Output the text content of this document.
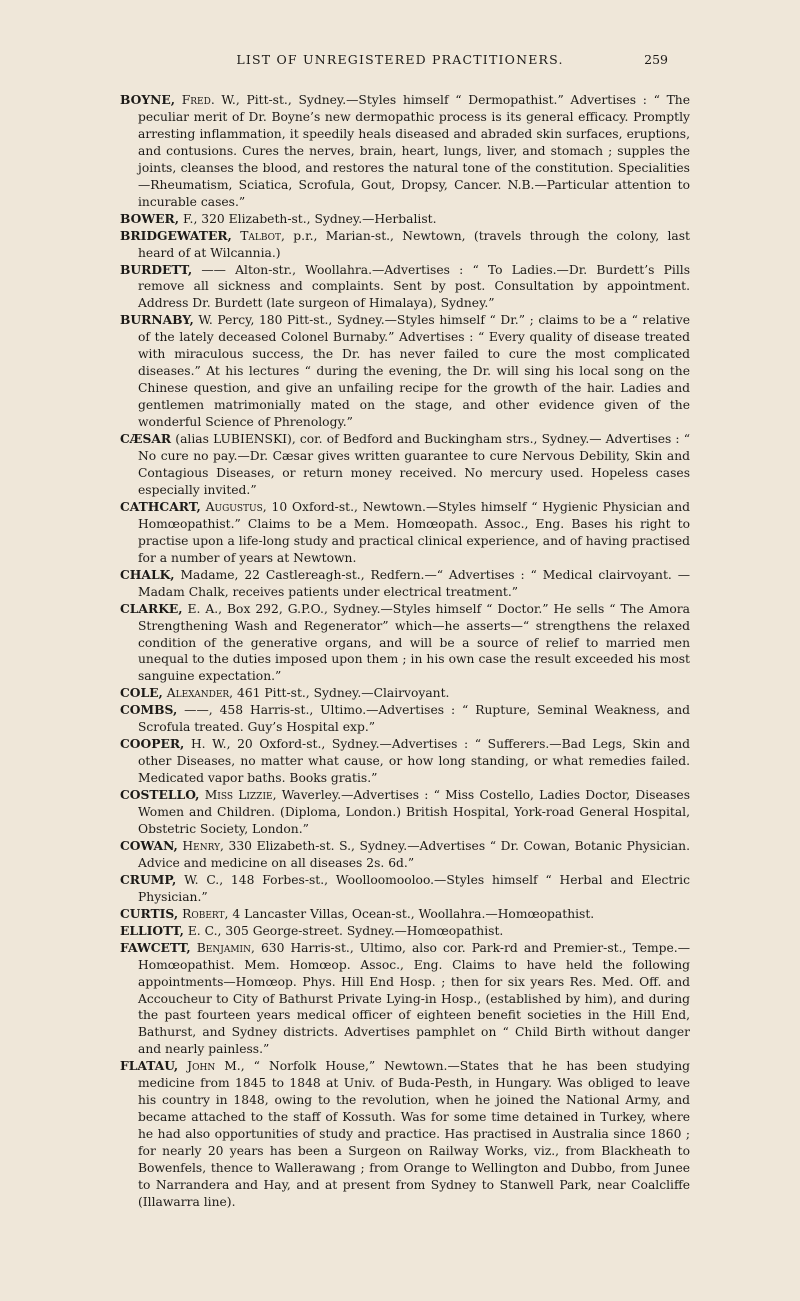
LIST OF UNREGISTERED PRACTITIONERS.	259

BOYNE, Fred. W., Pitt-st., Sydney.—Styles himself “ Dermopathist.” Advertises : “ The peculiar merit of Dr. Boyne’s new dermopathic process is its general efficacy. Promptly arresting inflammation, it speedily heals diseased and abraded skin surfaces, eruptions, and contusions. Cures the nerves, brain, heart, lungs, liver, and stomach ; supples the joints, cleanses the blood, and restores the natural tone of the constitution. Specialities—Rheumatism, Sciatica, Scrofula, Gout, Dropsy, Cancer. N.B.—Particular attention to incurable cases.”

BOWER, F., 320 Elizabeth-st., Sydney.—Herbalist.

BRIDGEWATER, Talbot, p.r., Marian-st., Newtown, (travels through the colony, last heard of at Wilcannia.)

BURDETT, —— Alton-str., Woollahra.—Advertises : “ To Ladies.—Dr. Burdett’s Pills remove all sickness and complaints. Sent by post. Consultation by appointment. Address Dr. Burdett (late surgeon of Himalaya), Sydney.”

BURNABY, W. Percy, 180 Pitt-st., Sydney.—Styles himself “ Dr.” ; claims to be a “ relative of the lately deceased Colonel Burnaby.” Advertises : “ Every quality of disease treated with miraculous success, the Dr. has never failed to cure the most complicated diseases.” At his lectures “ during the evening, the Dr. will sing his local song on the Chinese question, and give an unfailing recipe for the growth of the hair. Ladies and gentlemen matrimonially mated on the stage, and other evidence given of the wonderful Science of Phrenology.”

CÆSAR (alias LUBIENSKI), cor. of Bedford and Buckingham strs., Sydney.— Advertises : “ No cure no pay.—Dr. Cæsar gives written guarantee to cure Nervous Debility, Skin and Contagious Diseases, or return money received. No mercury used. Hopeless cases especially invited.”

CATHCART, Augustus, 10 Oxford-st., Newtown.—Styles himself “ Hygienic Physician and Homœopathist.” Claims to be a Mem. Homœopath. Assoc., Eng. Bases his right to practise upon a life-long study and practical clinical experience, and of having practised for a number of years at Newtown.

CHALK, Madame, 22 Castlereagh-st., Redfern.—“ Advertises : “ Medical clairvoyant. —Madam Chalk, receives patients under electrical treatment.”

CLARKE, E. A., Box 292, G.P.O., Sydney.—Styles himself “ Doctor.” He sells “ The Amora Strengthening Wash and Regenerator” which—he asserts—“ strengthens the relaxed condition of the generative organs, and will be a source of relief to married men unequal to the duties imposed upon them ; in his own case the result exceeded his most sanguine expectation.”

COLE, Alexander, 461 Pitt-st., Sydney.—Clairvoyant.

COMBS, ——, 458 Harris-st., Ultimo.—Advertises : “ Rupture, Seminal Weakness, and Scrofula treated. Guy’s Hospital exp.”

COOPER, H. W., 20 Oxford-st., Sydney.—Advertises : “ Sufferers.—Bad Legs, Skin and other Diseases, no matter what cause, or how long standing, or what remedies failed. Medicated vapor baths. Books gratis.”

COSTELLO, Miss Lizzie, Waverley.—Advertises : “ Miss Costello, Ladies Doctor, Diseases Women and Children. (Diploma, London.) British Hospital, York-road General Hospital, Obstetric Society, London.”

COWAN, Henry, 330 Elizabeth-st. S., Sydney.—Advertises “ Dr. Cowan, Botanic Physician. Advice and medicine on all diseases 2s. 6d.”

CRUMP, W. C., 148 Forbes-st., Woolloomooloo.—Styles himself “ Herbal and Electric Physician.”

CURTIS, Robert, 4 Lancaster Villas, Ocean-st., Woollahra.—Homœopathist.

ELLIOTT, E. C., 305 George-street. Sydney.—Homœopathist.

FAWCETT, Benjamin, 630 Harris-st., Ultimo, also cor. Park-rd and Premier-st., Tempe.—Homœopathist. Mem. Homœop. Assoc., Eng. Claims to have held the following appointments—Homœop. Phys. Hill End Hosp. ; then for six years Res. Med. Off. and Accoucheur to City of Bathurst Private Lying-in Hosp., (established by him), and during the past fourteen years medical officer of eighteen benefit societies in the Hill End, Bathurst, and Sydney districts. Advertises pamphlet on “ Child Birth without danger and nearly painless.”

FLATAU, John M., “ Norfolk House,” Newtown.—States that he has been studying medicine from 1845 to 1848 at Univ. of Buda-Pesth, in Hungary. Was obliged to leave his country in 1848, owing to the revolution, when he joined the National Army, and became attached to the staff of Kossuth. Was for some time detained in Turkey, where he had also opportunities of study and practice. Has practised in Australia since 1860 ; for nearly 20 years has been a Surgeon on Railway Works, viz., from Blackheath to Bowenfels, thence to Wallerawang ; from Orange to Wellington and Dubbo, from Junee to Narrandera and Hay, and at present from Sydney to Stanwell Park, near Coalcliffe (Illawarra line).
